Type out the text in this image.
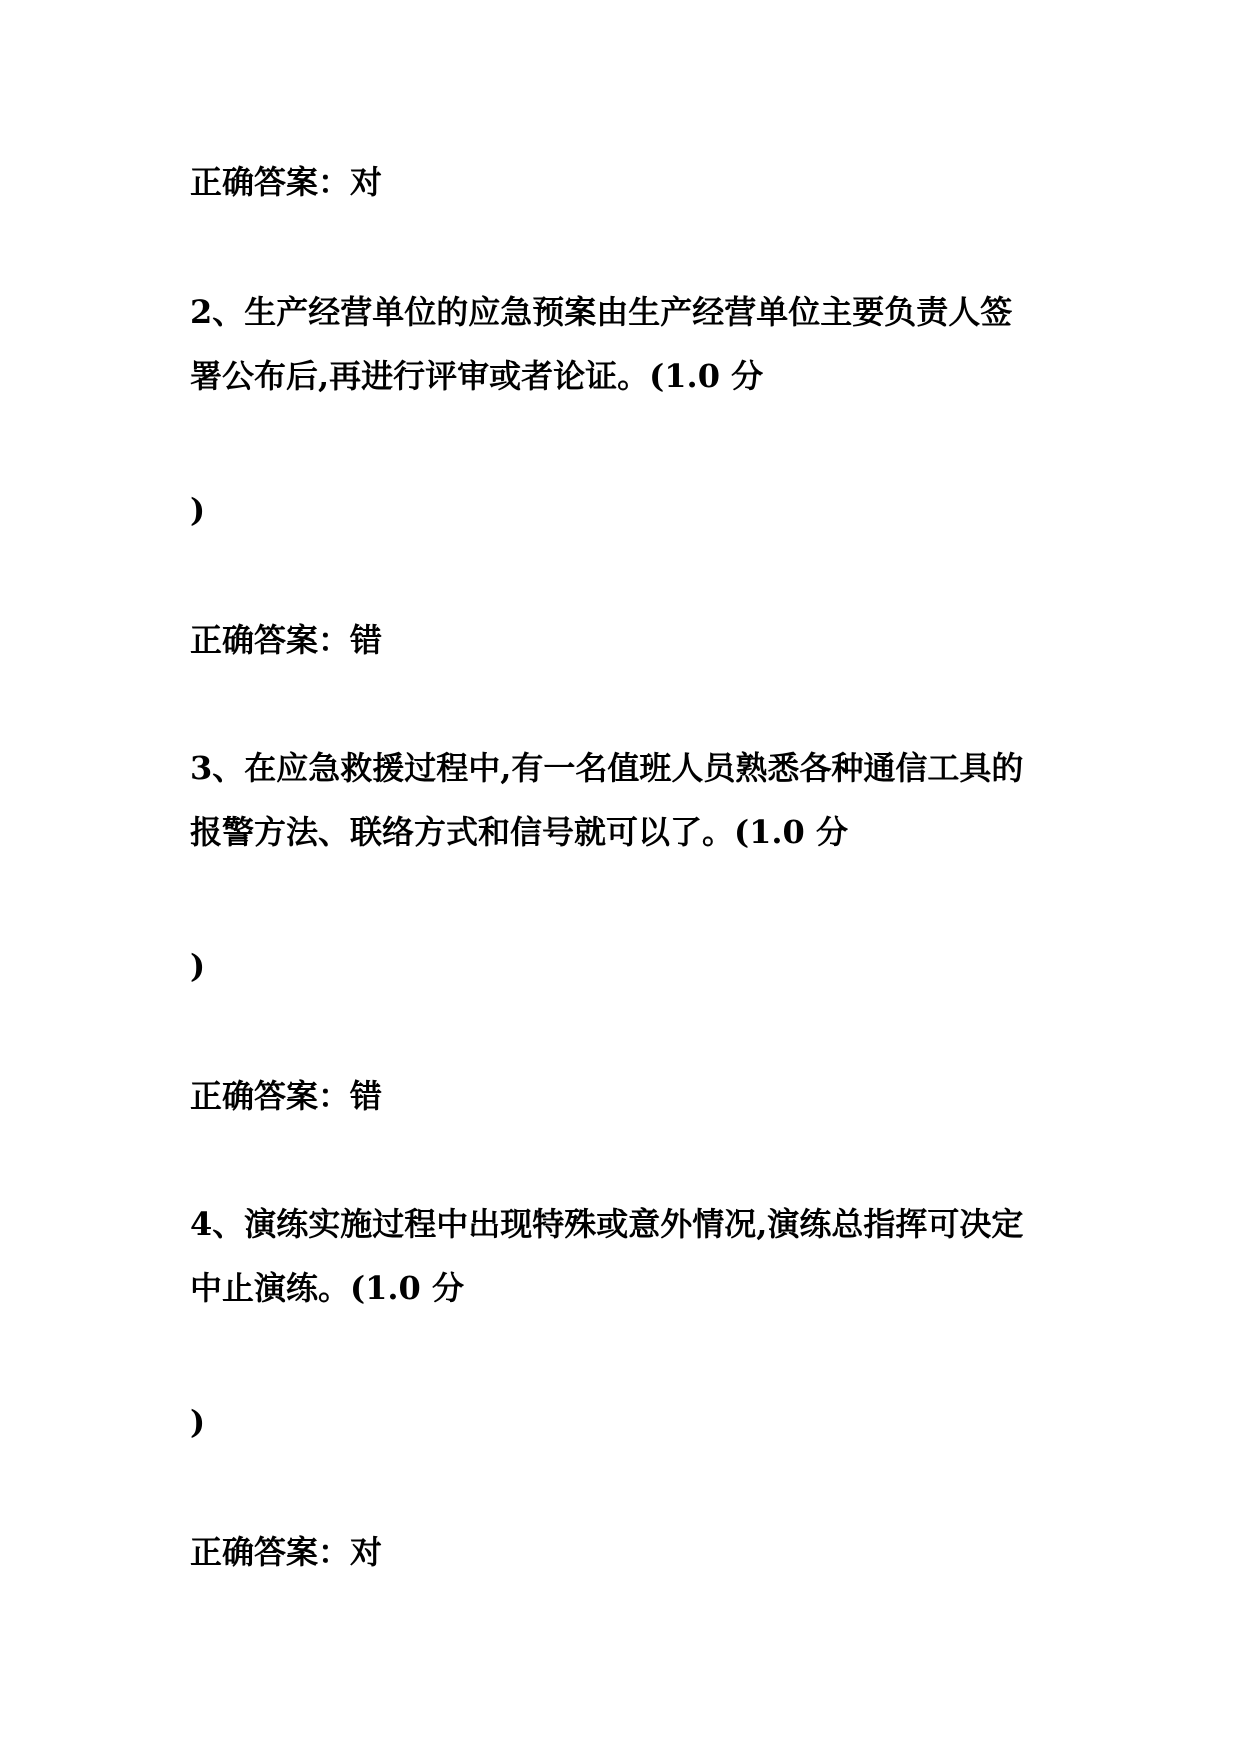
正确答案：对
2、生产经营单位的应急预案由生产经营单位主要负责人签
署公布后,再进行评审或者论证。(1.0 分
)
正确答案：错
3、在应急救援过程中,有一名值班人员熟悉各种通信工具的
报警方法、联络方式和信号就可以了。(1.0 分
)
正确答案：错
4、演练实施过程中出现特殊或意外情况,演练总指挥可决定
中止演练。(1.0 分
)
正确答案：对
